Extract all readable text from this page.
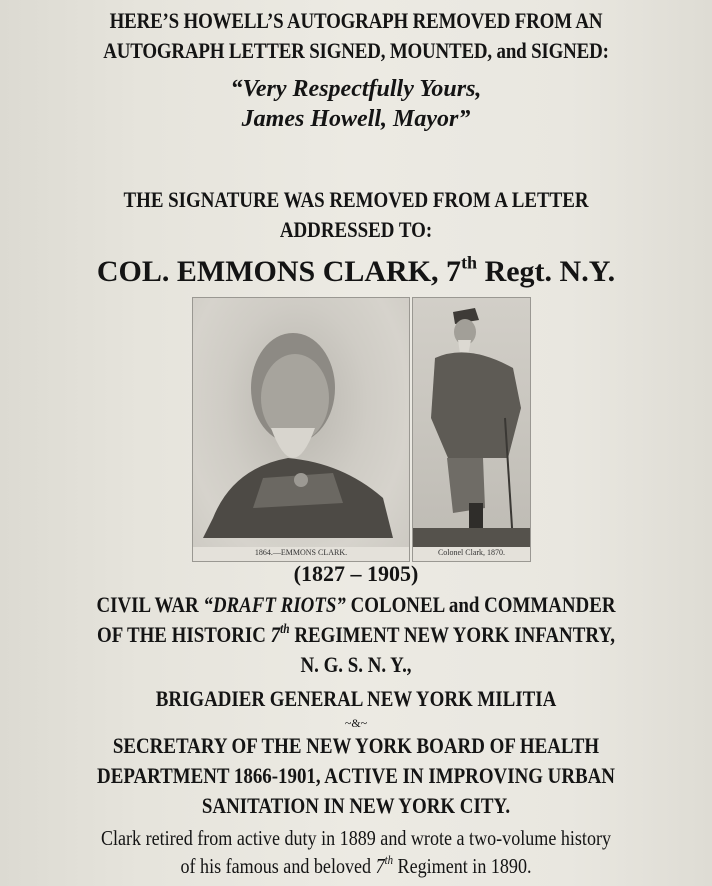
HERE’S HOWELL’S AUTOGRAPH REMOVED FROM AN
AUTOGRAPH LETTER SIGNED, MOUNTED, and SIGNED:
“Very Respectfully Yours,
James Howell, Mayor”
THE SIGNATURE WAS REMOVED FROM A LETTER
ADDRESSED TO:
COL. EMMONS CLARK, 7th Regt. N.Y.
1864.—EMMONS CLARK.	Colonel Clark, 1870.
(1827 – 1905)
CIVIL WAR “DRAFT RIOTS” COLONEL and COMMANDER
OF THE HISTORIC 7th REGIMENT NEW YORK INFANTRY,
N. G. S. N. Y.,
BRIGADIER GENERAL NEW YORK MILITIA
~&~
SECRETARY OF THE NEW YORK BOARD OF HEALTH
DEPARTMENT 1866-1901, ACTIVE IN IMPROVING URBAN
SANITATION IN NEW YORK CITY.
Clark retired from active duty in 1889 and wrote a two-volume history
of his famous and beloved 7th Regiment in 1890.
